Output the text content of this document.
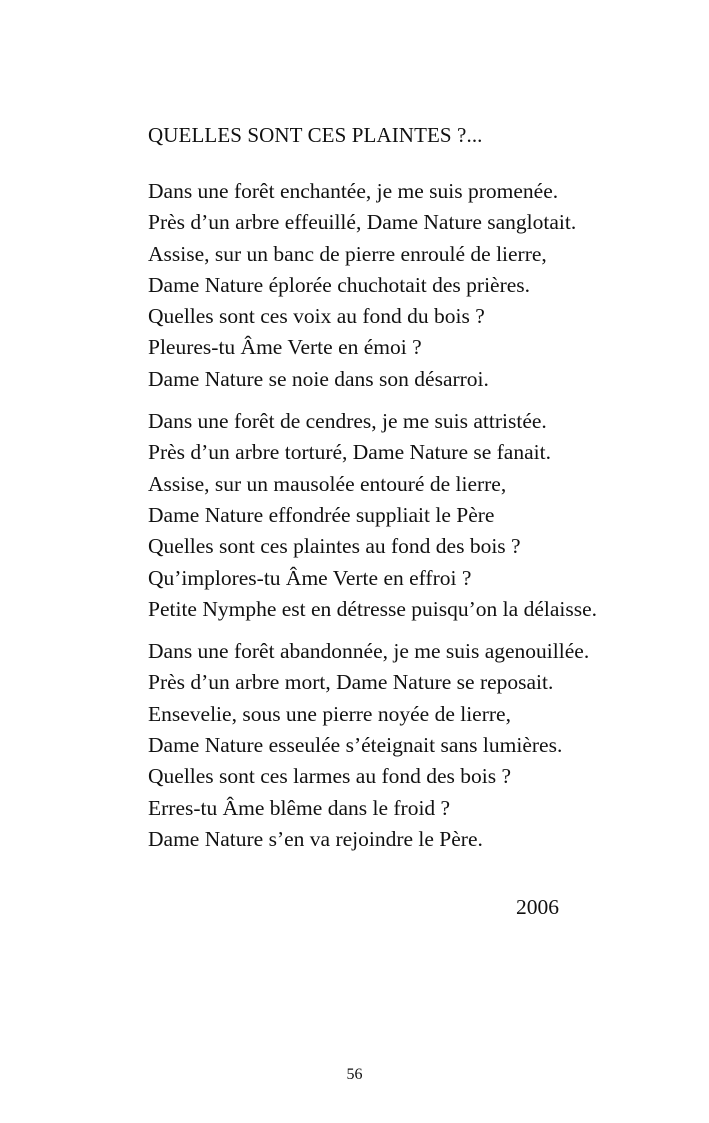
QUELLES SONT CES PLAINTES ?...
Dans une forêt enchantée, je me suis promenée.
Près d’un arbre effeuillé, Dame Nature sanglotait.
Assise, sur un banc de pierre enroulé de lierre,
Dame Nature éplorée chuchotait des prières.
Quelles sont ces voix au fond du bois ?
Pleures-tu Âme Verte en émoi ?
Dame Nature se noie dans son désarroi.
Dans une forêt de cendres, je me suis attristée.
Près d’un arbre torturé, Dame Nature se fanait.
Assise, sur un mausolée entouré de lierre,
Dame Nature effondrée suppliait le Père
Quelles sont ces plaintes au fond des bois ?
Qu’implores-tu Âme Verte en effroi ?
Petite Nymphe est en détresse puisqu’on la délaisse.
Dans une forêt abandonnée, je me suis agenouillée.
Près d’un arbre mort, Dame Nature se reposait.
Ensevelie, sous une pierre noyée de lierre,
Dame Nature esseulée s’éteignait sans lumières.
Quelles sont ces larmes au fond des bois ?
Erres-tu Âme blême dans le froid ?
Dame Nature s’en va rejoindre le Père.
2006
56
